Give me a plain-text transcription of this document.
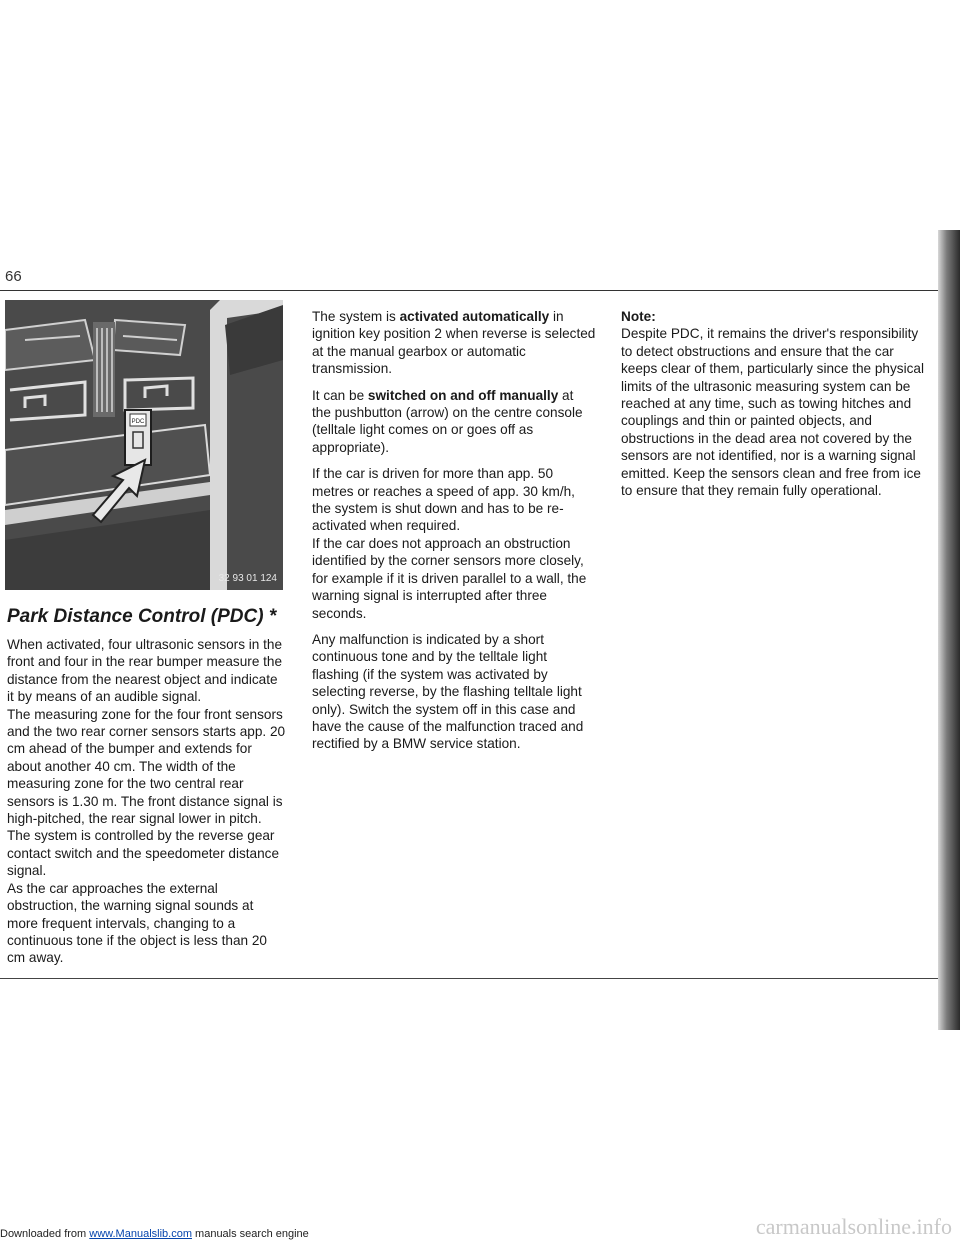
66
PDC
32 93 01 124
Park Distance Control (PDC) *

When activated, four ultrasonic sensors in the front and four in the rear bumper measure the distance from the nearest object and indicate it by means of an audible signal.

The measuring zone for the four front sensors and the two rear corner sensors starts app. 20 cm ahead of the bumper and extends for about another 40 cm. The width of the measuring zone for the two central rear sensors is 1.30 m. The front distance signal is high-pitched, the rear signal lower in pitch. The system is controlled by the reverse gear contact switch and the speedometer distance signal.

As the car approaches the external obstruction, the warning signal sounds at more frequent intervals, changing to a continuous tone if the object is less than 20 cm away.

The system is activated automatically in ignition key position 2 when reverse is selected at the manual gearbox or automatic transmission.

It can be switched on and off manually at the pushbutton (arrow) on the centre console (telltale light comes on or goes off as appropriate).

If the car is driven for more than app. 50 metres or reaches a speed of app. 30 km/h, the system is shut down and has to be re-activated when required.

If the car does not approach an obstruction identified by the corner sensors more closely, for example if it is driven parallel to a wall, the warning signal is interrupted after three seconds.

Any malfunction is indicated by a short continuous tone and by the telltale light flashing (if the system was activated by selecting reverse, by the flashing telltale light only). Switch the system off in this case and have the cause of the malfunction traced and rectified by a BMW service station.

Note:
Despite PDC, it remains the driver's responsibility to detect obstructions and ensure that the car keeps clear of them, particularly since the physical limits of the ultrasonic measuring system can be reached at any time, such as towing hitches and couplings and thin or painted objects, and obstructions in the dead area not covered by the sensors are not identified, nor is a warning signal emitted. Keep the sensors clean and free from ice to ensure that they remain fully operational.

Downloaded from www.Manualslib.com manuals search engine	carmanualsonline.info
